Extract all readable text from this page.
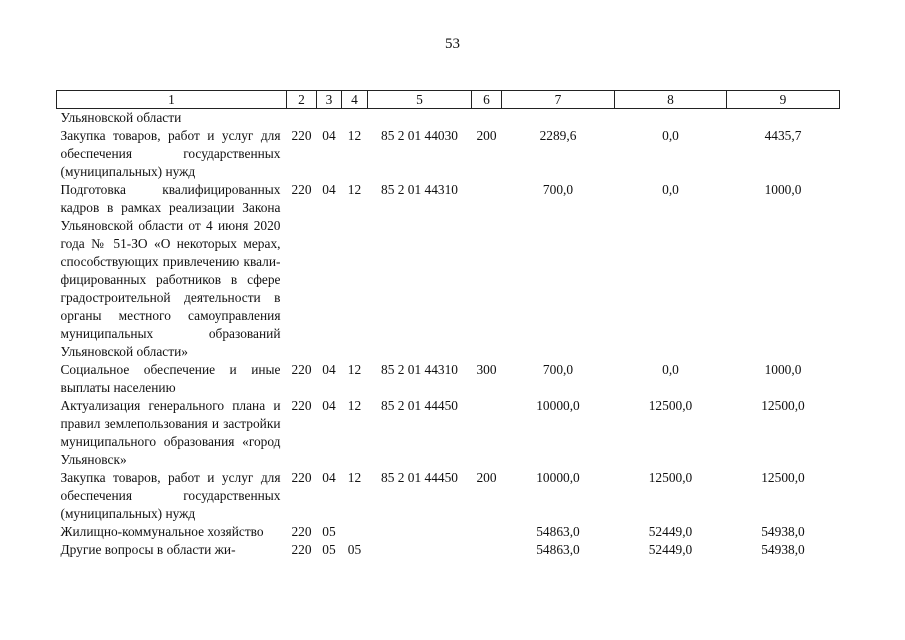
53
1	2	3	4	5	6	7	8	9
Ульяновской области								
Закупка товаров, работ и услуг для обеспечения государственных (муниципальных) нужд	220	04	12	85 2 01 44030	200	2289,6	0,0	4435,7
Подготовка квалифицированных кадров в рамках реализации Закона Ульяновской области от 4 июня 2020 года № 51-ЗО «О некоторых мерах, способствующих привлечению квалифицированных работников в сфере градостроительной деятельности в органы местного самоуправления муниципальных образований Ульяновской области»	220	04	12	85 2 01 44310		700,0	0,0	1000,0
Социальное обеспечение и иные выплаты населению	220	04	12	85 2 01 44310	300	700,0	0,0	1000,0
Актуализация генерального плана и правил землепользования и застройки муниципального образования «город Ульяновск»	220	04	12	85 2 01 44450		10000,0	12500,0	12500,0
Закупка товаров, работ и услуг для обеспечения государственных (муниципальных) нужд	220	04	12	85 2 01 44450	200	10000,0	12500,0	12500,0
Жилищно-коммунальное хозяйство	220	05				54863,0	52449,0	54938,0
Другие вопросы в области жи-	220	05	05			54863,0	52449,0	54938,0
